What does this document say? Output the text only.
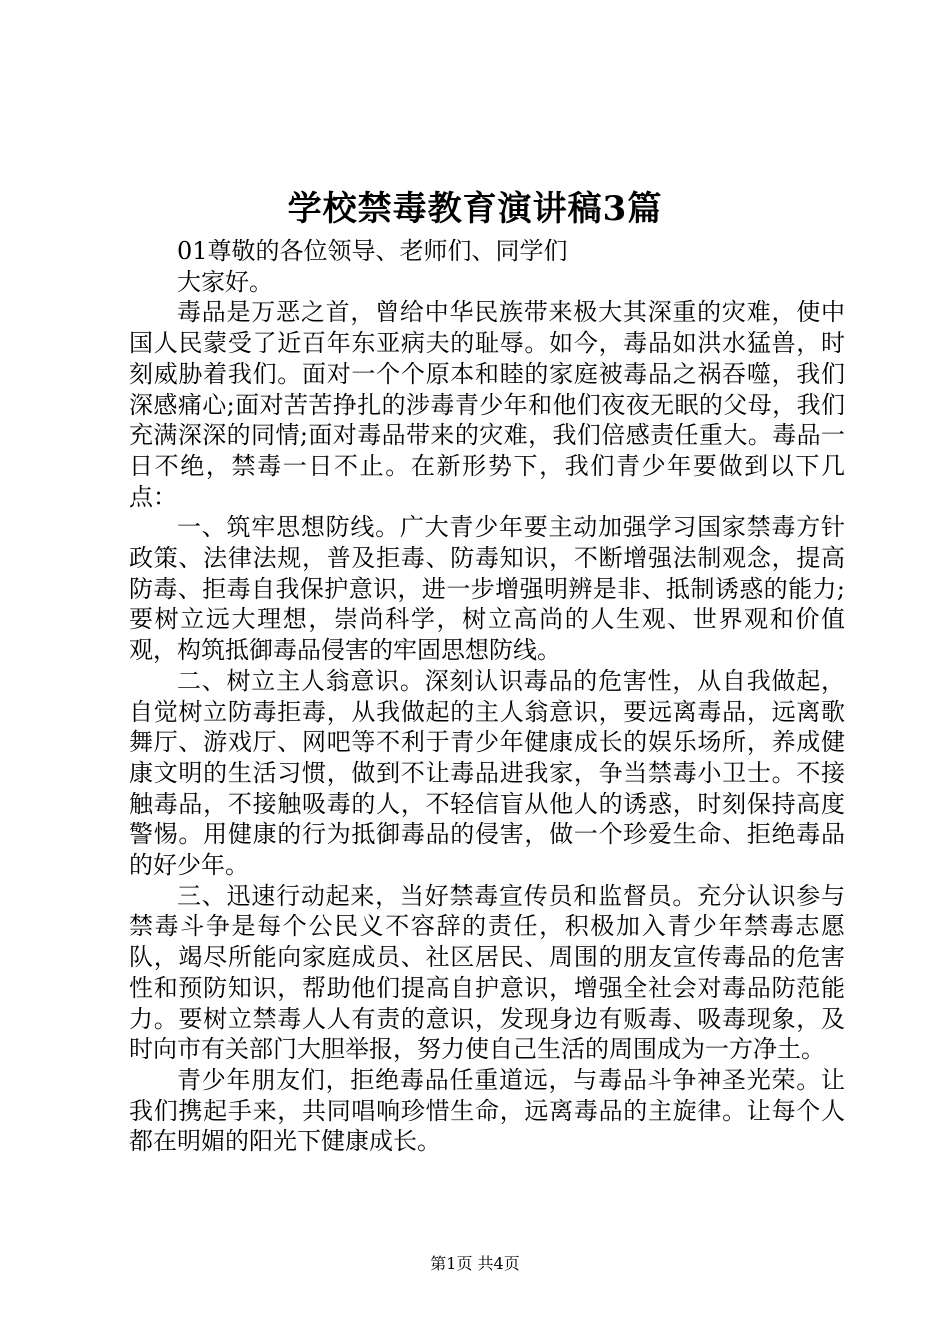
学校禁毒教育演讲稿3篇

01尊敬的各位领导、老师们、同学们

大家好。

毒品是万恶之首，曾给中华民族带来极大其深重的灾难，使中国人民蒙受了近百年东亚病夫的耻辱。如今，毒品如洪水猛兽，时刻威胁着我们。面对一个个原本和睦的家庭被毒品之祸吞噬，我们深感痛心;面对苦苦挣扎的涉毒青少年和他们夜夜无眠的父母，我们充满深深的同情;面对毒品带来的灾难，我们倍感责任重大。毒品一日不绝，禁毒一日不止。在新形势下，我们青少年要做到以下几点：

一、筑牢思想防线。广大青少年要主动加强学习国家禁毒方针政策、法律法规，普及拒毒、防毒知识，不断增强法制观念，提高防毒、拒毒自我保护意识，进一步增强明辨是非、抵制诱惑的能力;要树立远大理想，崇尚科学，树立高尚的人生观、世界观和价值观，构筑抵御毒品侵害的牢固思想防线。

二、树立主人翁意识。深刻认识毒品的危害性，从自我做起，自觉树立防毒拒毒，从我做起的主人翁意识，要远离毒品，远离歌舞厅、游戏厅、网吧等不利于青少年健康成长的娱乐场所，养成健康文明的生活习惯，做到不让毒品进我家，争当禁毒小卫士。不接触毒品，不接触吸毒的人，不轻信盲从他人的诱惑，时刻保持高度警惕。用健康的行为抵御毒品的侵害，做一个珍爱生命、拒绝毒品的好少年。

三、迅速行动起来，当好禁毒宣传员和监督员。充分认识参与禁毒斗争是每个公民义不容辞的责任，积极加入青少年禁毒志愿队，竭尽所能向家庭成员、社区居民、周围的朋友宣传毒品的危害性和预防知识，帮助他们提高自护意识，增强全社会对毒品防范能力。要树立禁毒人人有责的意识，发现身边有贩毒、吸毒现象，及时向市有关部门大胆举报，努力使自己生活的周围成为一方净土。

青少年朋友们，拒绝毒品任重道远，与毒品斗争神圣光荣。让我们携起手来，共同唱响珍惜生命，远离毒品的主旋律。让每个人都在明媚的阳光下健康成长。

第1页 共4页
